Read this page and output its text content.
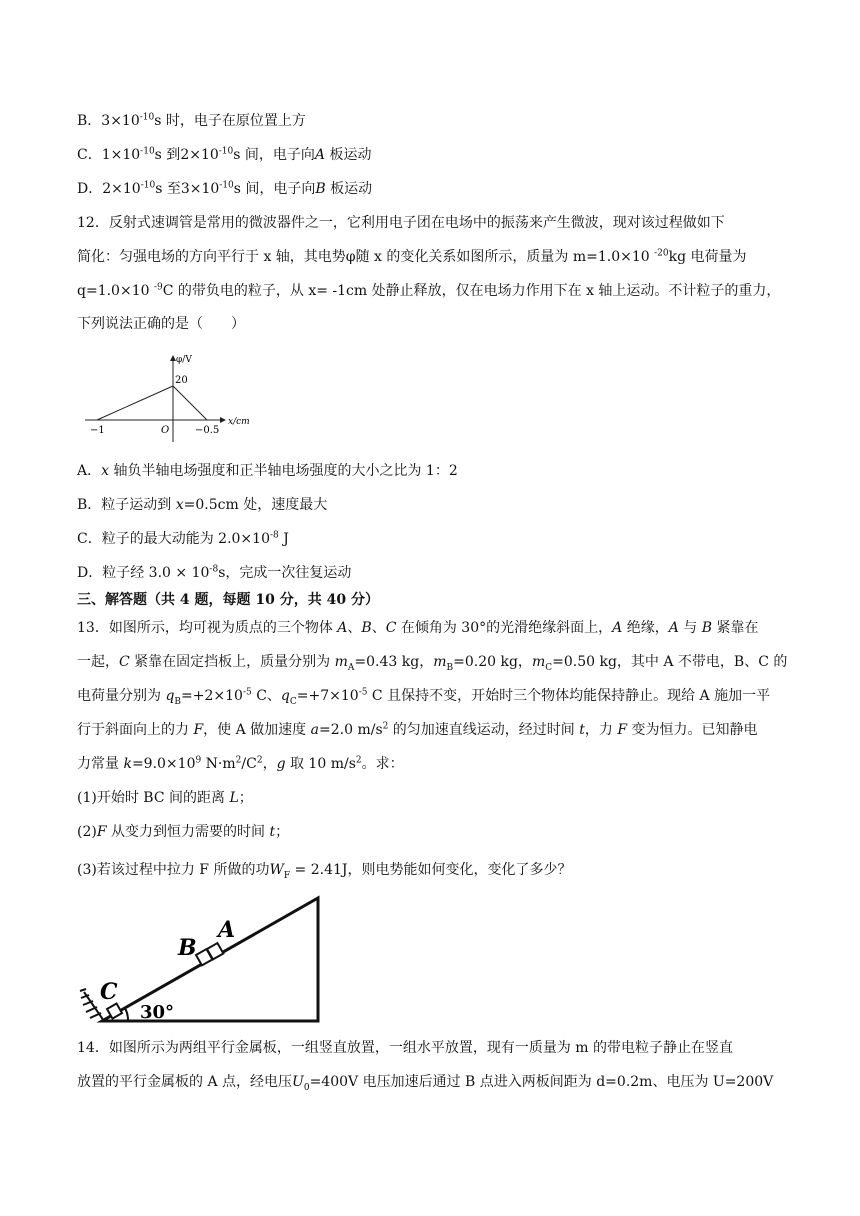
B．$3\times 10^{-10}s$ 时，电子在原位置上方
C．$1\times 10^{-10}s$ 到$2\times 10^{-10}s$ 间，电子向A 板运动
D．$2\times 10^{-10}s$ 至$3\times 10^{-10}s$ 间，电子向B 板运动
12．反射式速调管是常用的微波器件之一，它利用电子团在电场中的振荡来产生微波，现对该过程做如下
简化：匀强电场的方向平行于 x 轴，其电势φ随 x 的变化关系如图所示，质量为 m=1.0×10 $^{-20}$kg 电荷量为
q=1.0×10 $^{-9}$C 的带负电的粒子，从 x= -1cm 处静止释放，仅在电场力作用下在 x 轴上运动。不计粒子的重力，
下列说法正确的是（　　）
φ/V
20
x/cm
O
−1	−0.5
A．x 轴负半轴电场强度和正半轴电场强度的大小之比为 1：2
B．粒子运动到 x=0.5cm 处，速度最大
C．粒子的最大动能为 $2.0\times 10^{-8}$ J
D．粒子经 $3.0 \times 10^{-8}s$，完成一次往复运动
三、解答题（共 4 题，每题 10 分，共 40 分）
13．如图所示，均可视为质点的三个物体 A、B、C 在倾角为 30°的光滑绝缘斜面上，A 绝缘，A 与 B 紧靠在
一起，C 紧靠在固定挡板上，质量分别为 $m_A=0.43$ kg，$m_B=0.20$ kg，$m_C=0.50$ kg，其中 A 不带电，B、C 的
电荷量分别为 $q_B=+2\times 10^{-5}$ C、$q_C=+7\times 10^{-5}$ C 且保持不变，开始时三个物体均能保持静止。现给 A 施加一平
行于斜面向上的力 F，使 A 做加速度 a=2.0 $m/s^2$ 的匀加速直线运动，经过时间 t，力 F 变为恒力。已知静电
力常量 $k=9.0\times 10^9$ $N\cdot m^2/C^2$，g 取 10 $m/s^2$。求：
(1)开始时 BC 间的距离 L；
(2)F 从变力到恒力需要的时间 t；
(3)若该过程中拉力 F 所做的功$W_F = 2.41J$，则电势能如何变化，变化了多少？
C
B
A
30°
14．如图所示为两组平行金属板，一组竖直放置，一组水平放置，现有一质量为 m 的带电粒子静止在竖直
放置的平行金属板的 A 点，经电压$U_0=400V$ 电压加速后通过 B 点进入两板间距为 d=0.2m、电压为 U=200V
